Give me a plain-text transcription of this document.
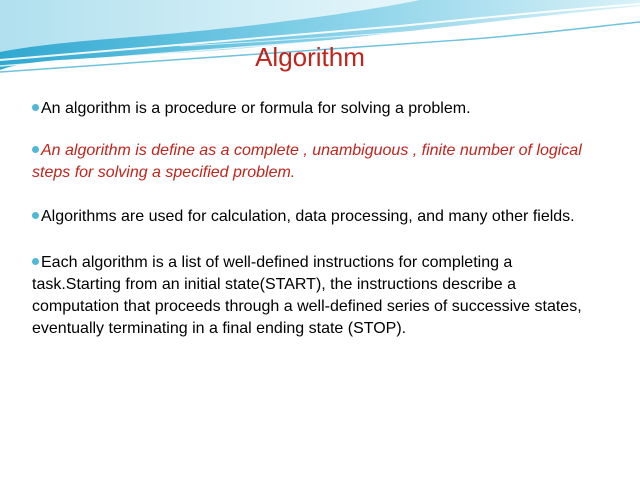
Algorithm
An algorithm is a procedure or formula for solving a problem.
An algorithm is define as a complete , unambiguous , finite number of logical steps for solving a specified problem.
Algorithms are used for calculation, data processing, and many other fields.
Each algorithm is a list of well-defined instructions for completing a task.Starting from an initial state(START), the instructions describe a computation that proceeds through a well-defined series of successive states, eventually terminating in a final ending state (STOP).
